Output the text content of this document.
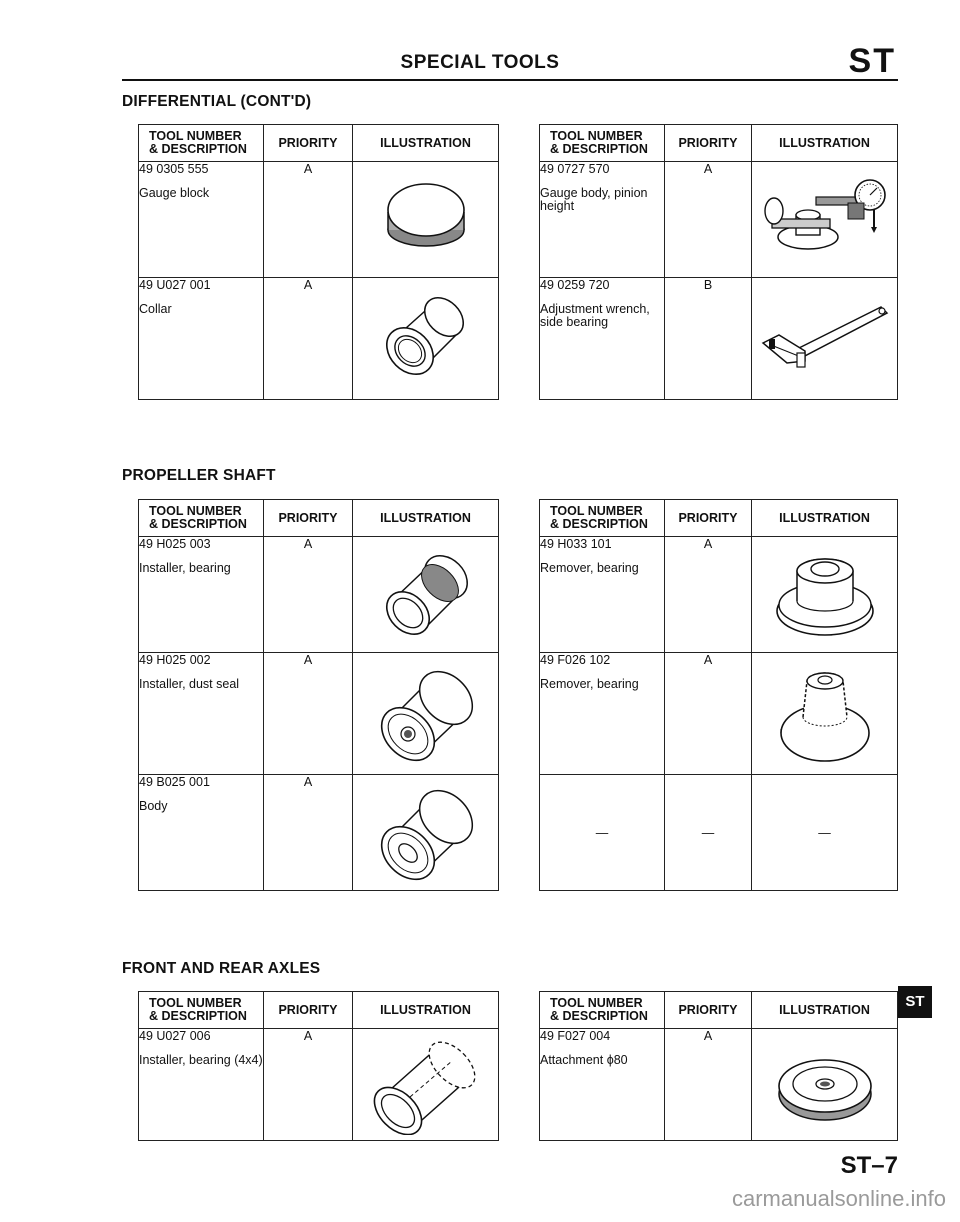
SPECIAL TOOLS	ST
DIFFERENTIAL (CONT'D)
TOOL NUMBER
& DESCRIPTION	PRIORITY	ILLUSTRATION

49 0305 555
Gauge block	A	

49 U027 001
Collar	A	
TOOL NUMBER
& DESCRIPTION	PRIORITY	ILLUSTRATION

49 0727 570
Gauge body, pinion height	A	

49 0259 720
Adjustment wrench, side bearing	B	
PROPELLER SHAFT
TOOL NUMBER
& DESCRIPTION	PRIORITY	ILLUSTRATION

49 H025 003
Installer, bearing	A	

49 H025 002
Installer, dust seal	A	

49 B025 001
Body	A	
TOOL NUMBER
& DESCRIPTION	PRIORITY	ILLUSTRATION

49 H033 101
Remover, bearing	A	

49 F026 102
Remover, bearing	A	
—	—	—
FRONT AND REAR AXLES
TOOL NUMBER
& DESCRIPTION	PRIORITY	ILLUSTRATION

49 U027 006
Installer, bearing (4x4)	A	
TOOL NUMBER
& DESCRIPTION	PRIORITY	ILLUSTRATION

49 F027 004
Attachment ϕ80	A	
ST
ST–7
carmanualsonline.info
